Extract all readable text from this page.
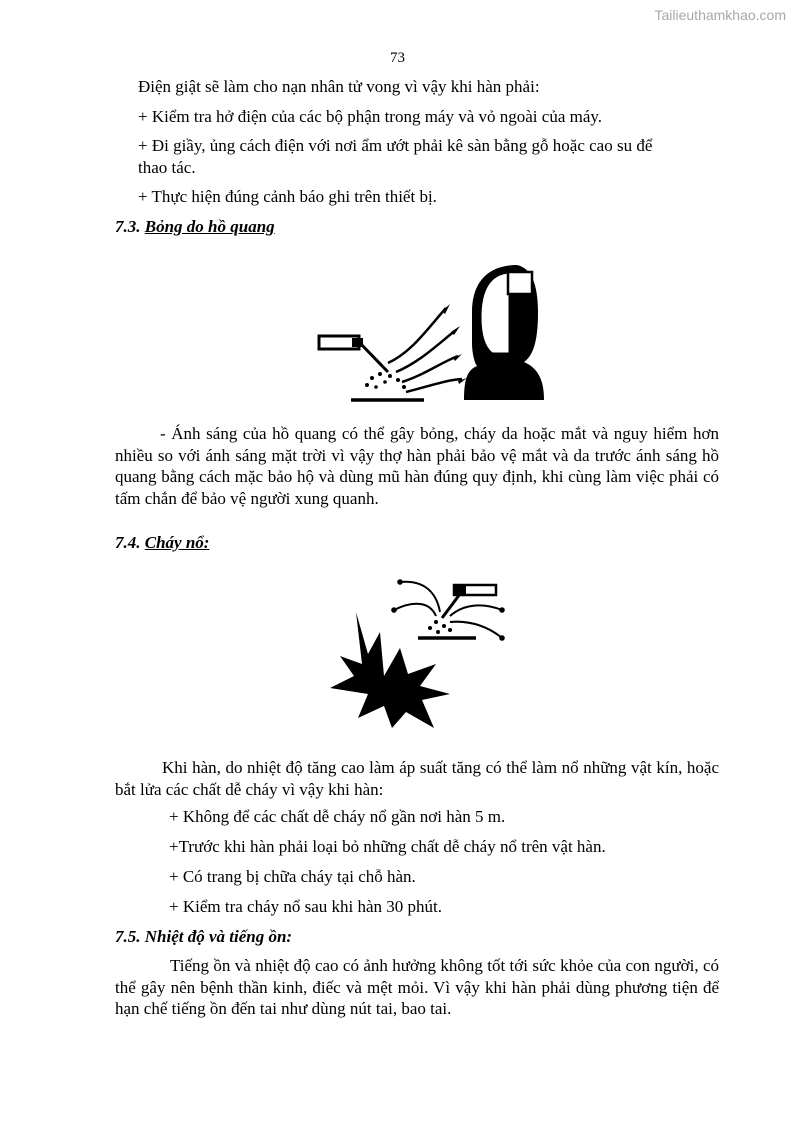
Tailieuthamkhao.com
73
Điện giật sẽ làm cho nạn nhân tử vong vì vậy khi hàn phải:
+ Kiểm tra hở điện của các bộ phận trong máy và vỏ ngoài của máy.
+ Đi giầy, ủng cách điện với nơi ẩm ướt phải kê sàn bằng gỗ hoặc cao su để
thao tác.
+ Thực hiện đúng cảnh báo ghi trên thiết bị.
7.3. Bỏng do hồ quang
- Ánh sáng của hồ quang có thể gây bỏng, cháy da hoặc mắt và nguy hiểm hơn nhiều so với ánh sáng mặt trời vì vậy thợ hàn phải bảo vệ mắt và da trước ánh sáng hồ quang bằng cách mặc bảo hộ và dùng mũ hàn đúng quy định, khi cùng làm việc phải có tấm chắn để bảo vệ người xung quanh.
7.4. Cháy nổ:
Khi hàn, do nhiệt độ tăng cao làm áp suất tăng có thể làm nổ những vật kín, hoặc bắt lửa các chất dễ cháy vì vậy khi hàn:
+ Không để các chất dễ cháy nổ gần nơi hàn 5 m.
+Trước khi hàn phải loại bỏ những chất dễ cháy nổ trên vật hàn.
+ Có trang bị chữa cháy tại chỗ hàn.
+ Kiểm tra cháy nổ sau khi hàn 30 phút.
7.5. Nhiệt độ và tiếng ồn:
Tiếng ồn và nhiệt độ cao có ảnh hưởng không tốt tới sức khỏe của con người, có thể gây nên bệnh thần kinh, điếc và mệt mỏi. Vì vậy khi hàn phải dùng phương tiện để hạn chế tiếng ồn đến tai như dùng nút tai, bao tai.
